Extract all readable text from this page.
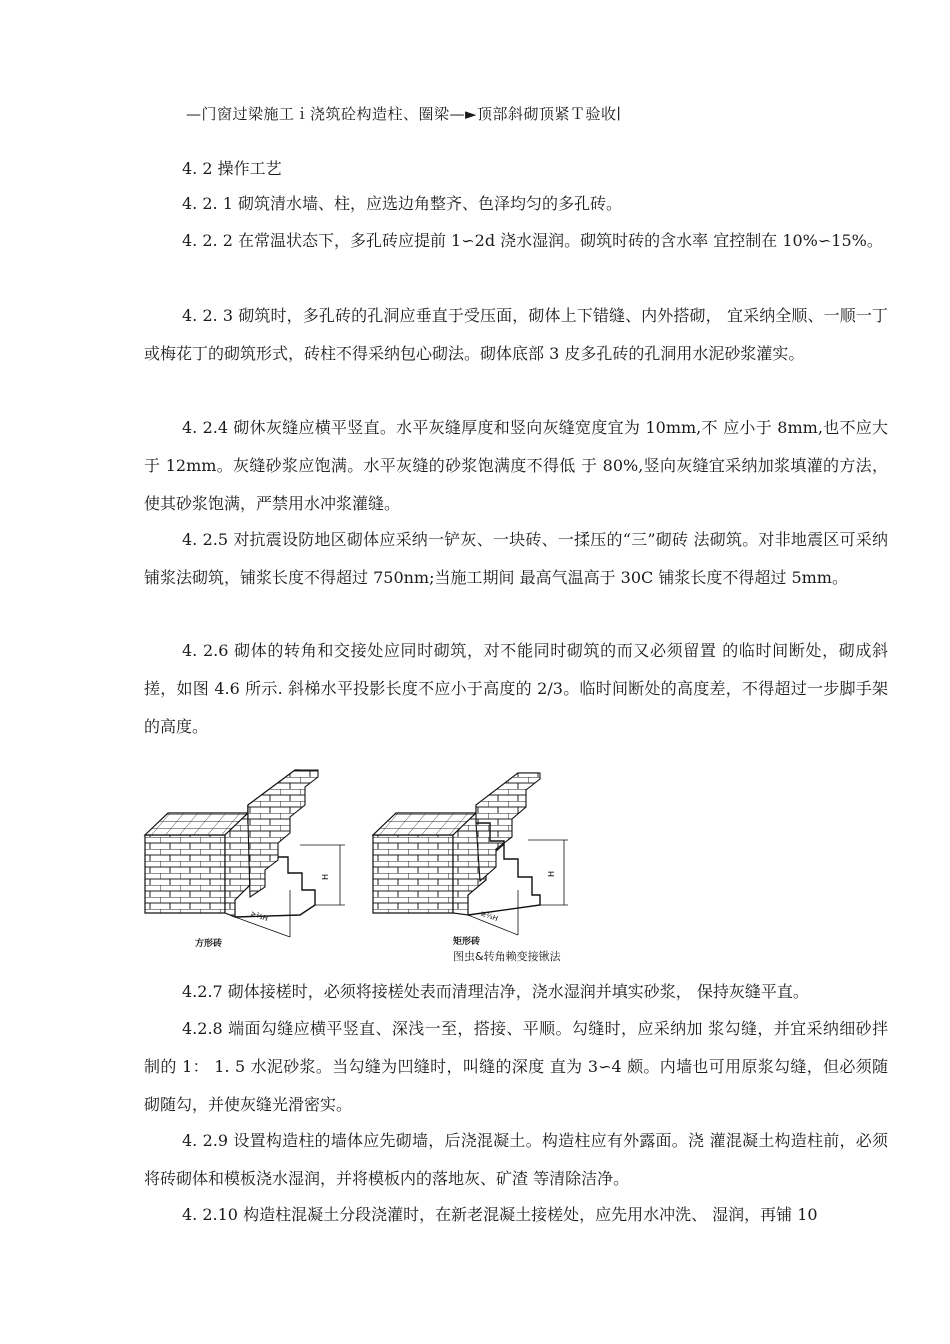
—门窗过梁施工ｉ浇筑砼构造柱、圈梁—►顶部斜砌顶紧Ｔ验收∣
4. 2 操作工艺
4. 2. 1 砌筑清水墙、柱，应选边角整齐、色泽均匀的多孔砖。
4. 2. 2 在常温状态下，多孔砖应提前 1∽2d 浇水湿润。砌筑时砖的含水率 宜控制在 10%∽15%。
4. 2. 3 砌筑时，多孔砖的孔洞应垂直于受压面，砌体上下错缝、内外搭砌， 宜采纳全顺、一顺一丁或梅花丁的砌筑形式，砖柱不得采纳包心砌法。砌体底部 3 皮多孔砖的孔洞用水泥砂浆灌实。
4. 2.4 砌休灰缝应横平竖直。水平灰缝厚度和竖向灰缝宽度宜为 10mm,不 应小于 8mm,也不应大于 12mm。灰缝砂浆应饱满。水平灰缝的砂浆饱满度不得低 于 80%,竖向灰缝宜采纳加浆填灌的方法，使其砂浆饱满，严禁用水冲浆灌缝。
4. 2.5 对抗震设防地区砌体应采纳一铲灰、一块砖、一揉压的“三”砌砖 法砌筑。对非地震区可采纳铺浆法砌筑，铺浆长度不得超过 750nm;当施工期间 最高气温高于 30C 铺浆长度不得超过 5mm。
4. 2.6 砌体的转角和交接处应同时砌筑，对不能同时砌筑的而又必须留置 的临时间断处，砌成斜搓，如图 4.6 所示. 斜梯水平投影长度不应小于高度的 2/3。临时间断处的高度差，不得超过一步脚手架的高度。
H
≥⅔H
H
≥⅔H
方形砖	矩形砖
图虫&转角赖变接锹法
4.2.7 砌体接槎时，必须将接槎处表而清理洁净，浇水湿润并填实砂浆， 保持灰缝平直。
4.2.8 端面勾缝应横平竖直、深浅一至，搭接、平顺。勾缝时，应采纳加 浆勾缝，并宜采纳细砂拌制的 1： 1. 5 水泥砂浆。当勾缝为凹缝时，叫缝的深度 直为 3∽4 颇。内墙也可用原浆勾缝，但必须随砌随勾，并使灰缝光滑密实。
4. 2.9 设置构造柱的墙体应先砌墙，后浇混凝土。构造柱应有外露面。浇 灌混凝土构造柱前，必须将砖砌体和模板浇水湿润，并将模板内的落地灰、矿渣 等清除洁净。
4. 2.10 构造柱混凝土分段浇灌时，在新老混凝土接槎处，应先用水冲洗、 湿润，再铺 10
